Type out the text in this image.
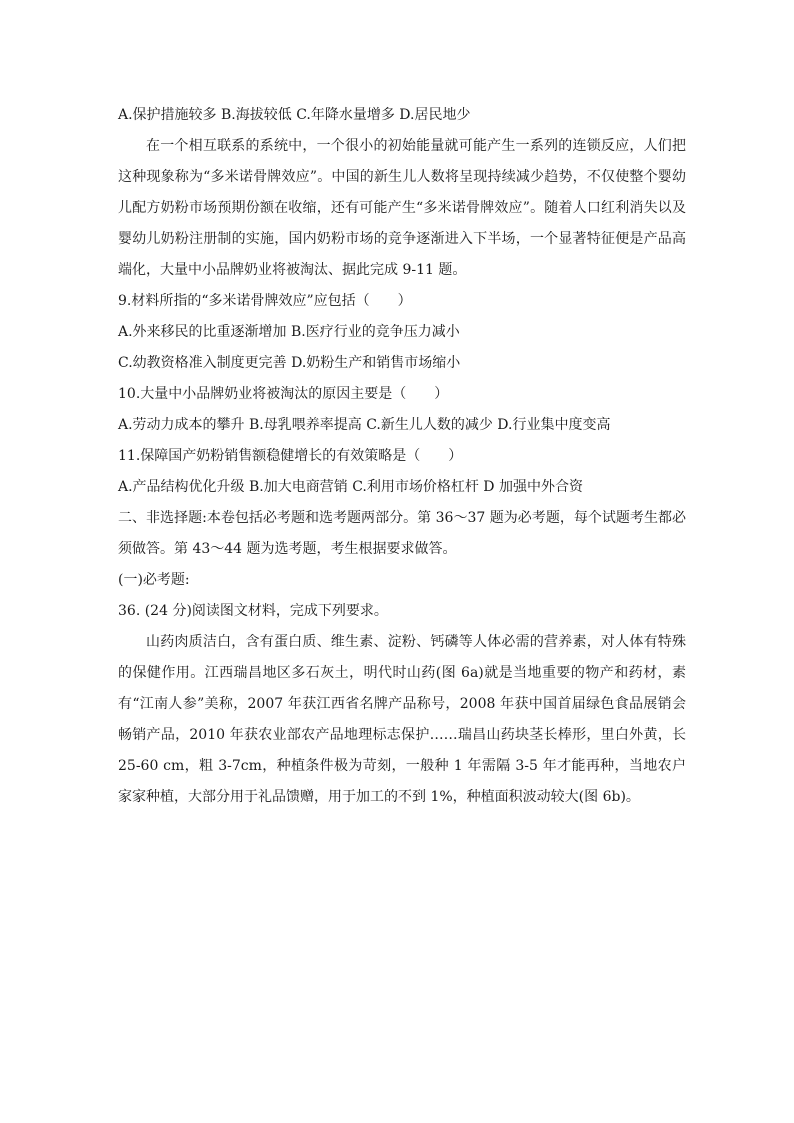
A.保护措施较多 B.海拔较低 C.年降水量增多 D.居民地少
在一个相互联系的系统中，一个很小的初始能量就可能产生一系列的连锁反应，人们把这种现象称为“多米诺骨牌效应”。中国的新生儿人数将呈现持续减少趋势，不仅使整个婴幼儿配方奶粉市场预期份额在收缩，还有可能产生“多米诺骨牌效应”。随着人口红利消失以及婴幼儿奶粉注册制的实施，国内奶粉市场的竞争逐渐进入下半场，一个显著特征便是产品高端化，大量中小品牌奶业将被淘汰、据此完成 9-11 题。
9.材料所指的“多米诺骨牌效应”应包括（　　）
A.外来移民的比重逐渐增加 B.医疗行业的竞争压力减小
C.幼教资格准入制度更完善 D.奶粉生产和销售市场缩小
10.大量中小品牌奶业将被淘汰的原因主要是（　　）
A.劳动力成本的攀升 B.母乳喂养率提高 C.新生儿人数的减少 D.行业集中度变高
11.保障国产奶粉销售额稳健增长的有效策略是（　　）
A.产品结构优化升级 B.加大电商营销 C.利用市场价格杠杆 D 加强中外合资
二、非选择题:本卷包括必考题和选考题两部分。第 36～37 题为必考题，每个试题考生都必须做答。第 43～44 题为选考题，考生根据要求做答。
(一)必考题:
36. (24 分)阅读图文材料，完成下列要求。
山药肉质洁白，含有蛋白质、维生素、淀粉、钙磷等人体必需的营养素，对人体有特殊的保健作用。江西瑞昌地区多石灰土，明代时山药(图 6a)就是当地重要的物产和药材，素有“江南人参”美称，2007 年获江西省名牌产品称号，2008 年获中国首届绿色食品展销会畅销产品，2010 年获农业部农产品地理标志保护……瑞昌山药块茎长棒形，里白外黄，长 25-60 cm，粗 3-7cm，种植条件极为苛刻，一般种 1 年需隔 3-5 年才能再种，当地农户家家种植，大部分用于礼品馈赠，用于加工的不到 1%，种植面积波动较大(图 6b)。
